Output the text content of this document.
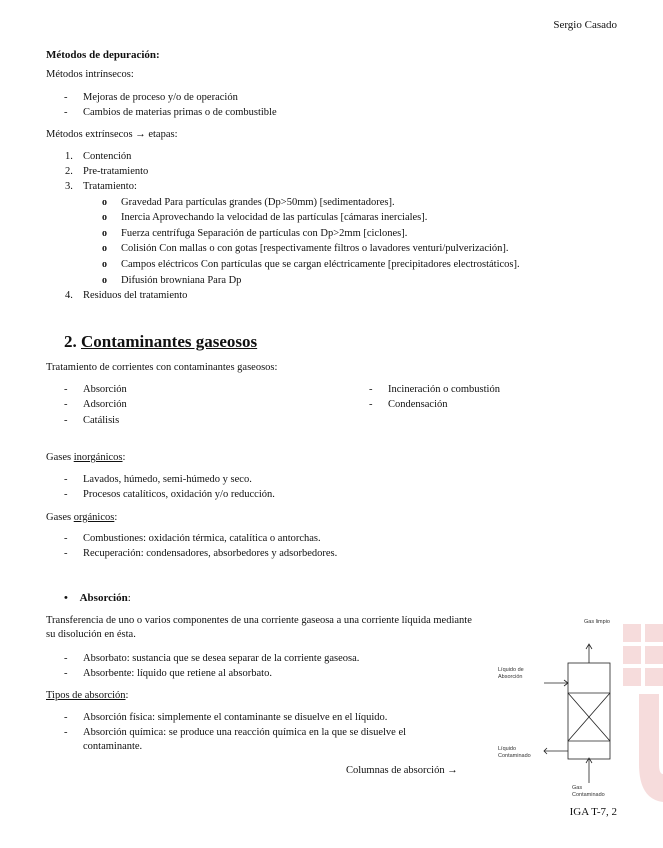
Sergio Casado
Métodos de depuración:
Métodos intrínsecos:
- Mejoras de proceso y/o de operación
- Cambios de materias primas o de combustible
Métodos extrínsecos → etapas:
1. Contención
2. Pre-tratamiento
3. Tratamiento:
o Gravedad Para partículas grandes (Dp>50mm) [sedimentadores].
o Inercia Aprovechando la velocidad de las partículas [cámaras inerciales].
o Fuerza centrífuga Separación de partículas con Dp>2mm [ciclones].
o Colisión Con mallas o con gotas [respectivamente filtros o lavadores venturi/pulverización].
o Campos eléctricos Con partículas que se cargan eléctricamente [precipitadores electrostáticos].
o Difusión browniana Para Dp
4. Residuos del tratamiento
2. Contaminantes gaseosos
Tratamiento de corrientes con contaminantes gaseosos:
- Absorción
- Adsorción
- Catálisis
- Incineración o combustión
- Condensación
Gases inorgánicos:
- Lavados, húmedo, semi-húmedo y seco.
- Procesos catalíticos, oxidación y/o reducción.
Gases orgánicos:
- Combustiones: oxidación térmica, catalítica o antorchas.
- Recuperación: condensadores, absorbedores y adsorbedores.
• Absorción:
Transferencia de uno o varios componentes de una corriente gaseosa a una corriente líquida mediante su disolución en ésta.
- Absorbato: sustancia que se desea separar de la corriente gaseosa.
- Absorbente: líquido que retiene al absorbato.
Tipos de absorción:
- Absorción física: simplemente el contaminante se disuelve en el líquido.
- Absorción química: se produce una reacción química en la que se disuelve el contaminante.
Columnas de absorción →
Gas limpio
Líquido de Absorción
Líquido Contaminado
Gas Contaminado
IGA T-7, 2
